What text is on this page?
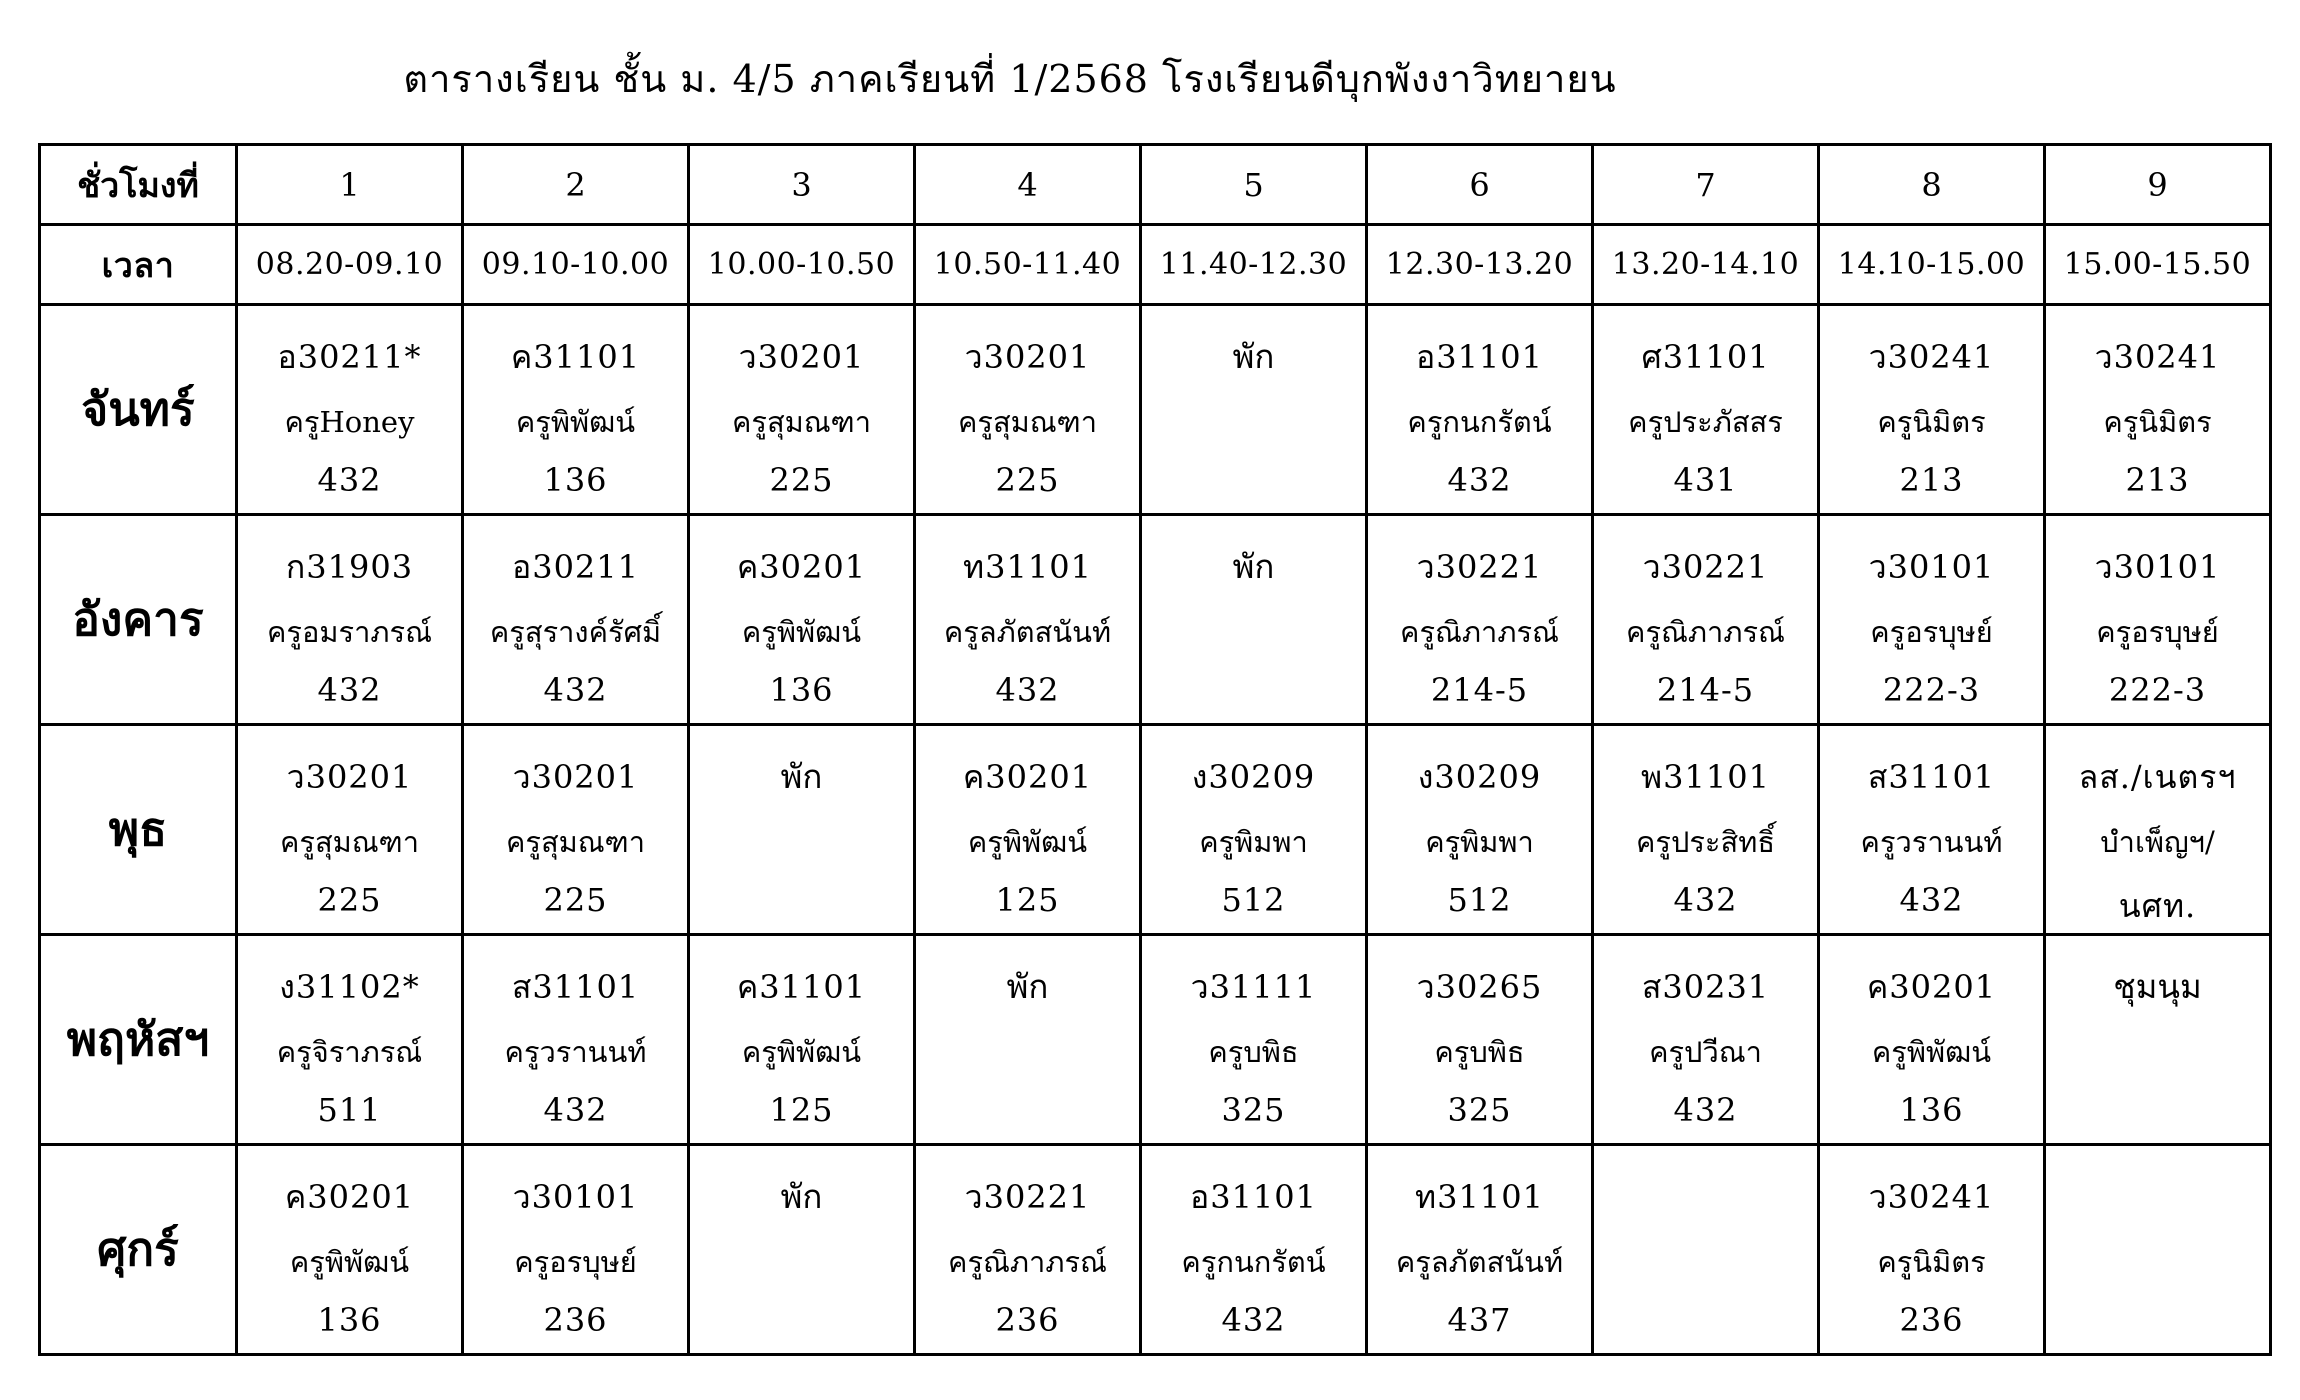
ตารางเรียน ชั้น ม. 4/5 ภาคเรียนที่ 1/2568 โรงเรียนดีบุกพังงาวิทยายน
ชั่วโมงที่	1	2	3	4	5	6	7	8	9
เวลา	08.20-09.10	09.10-10.00	10.00-10.50	10.50-11.40	11.40-12.30	12.30-13.20	13.20-14.10	14.10-15.00	15.00-15.50
จันทร์	อ30211*
ครูHoney
432	ค31101
ครูพิพัฒน์
136	ว30201
ครูสุมณฑา
225	ว30201
ครูสุมณฑา
225	พัก	อ31101
ครูกนกรัตน์
432	ศ31101
ครูประภัสสร
431	ว30241
ครูนิมิตร
213	ว30241
ครูนิมิตร
213

อังคาร	ก31903
ครูอมราภรณ์
432	อ30211
ครูสุรางค์รัศมิ์
432	ค30201
ครูพิพัฒน์
136	ท31101
ครูลภัตสนันท์
432	พัก	ว30221
ครูณิภาภรณ์
214-5	ว30221
ครูณิภาภรณ์
214-5	ว30101
ครูอรบุษย์
222-3	ว30101
ครูอรบุษย์
222-3

พุธ	ว30201
ครูสุมณฑา
225	ว30201
ครูสุมณฑา
225	พัก	ค30201
ครูพิพัฒน์
125	ง30209
ครูพิมพา
512	ง30209
ครูพิมพา
512	พ31101
ครูประสิทธิ์
432	ส31101
ครูวรานนท์
432	ลส./เนตรฯ
บำเพ็ญฯ/
นศท.

พฤหัสฯ	ง31102*
ครูจิราภรณ์
511	ส31101
ครูวรานนท์
432	ค31101
ครูพิพัฒน์
125	พัก	ว31111
ครูบพิธ
325	ว30265
ครูบพิธ
325	ส30231
ครูปวีณา
432	ค30201
ครูพิพัฒน์
136	ชุมนุม

ศุกร์	ค30201
ครูพิพัฒน์
136	ว30101
ครูอรบุษย์
236	พัก	ว30221
ครูณิภาภรณ์
236	อ31101
ครูกนกรัตน์
432	ท31101
ครูลภัตสนันท์
437		ว30241
ครูนิมิตร
236	
